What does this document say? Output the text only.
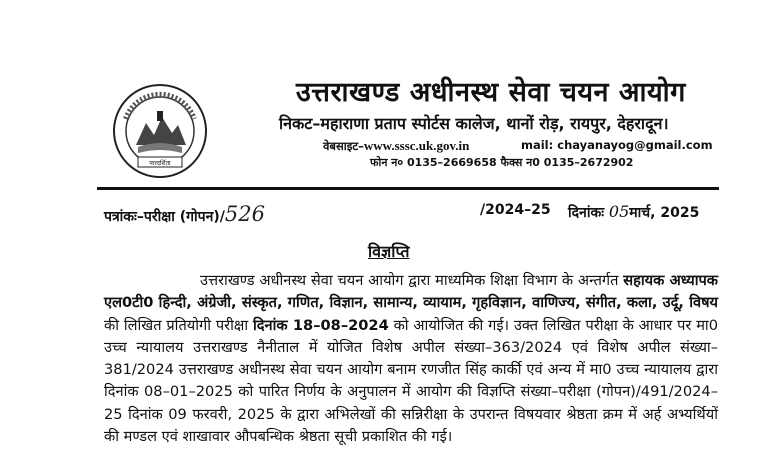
पारदर्शिता
उत्तराखण्ड अधीनस्थ सेवा चयन आयोग
निकट–महाराणा प्रताप स्पोर्टस कालेज, थानों रोड़, रायपुर, देहरादून।
वेबसाइट–www.sssc.uk.gov.in	mail: chayanayog@gmail.com
फोन न० 0135–2669658 फैक्स न0 0135–2672902
पत्रांकः–परीक्षा (गोपन)/526	/2024–25 दिनांकः 05मार्च, 2025
विज्ञप्ति
उत्तराखण्ड अधीनस्थ सेवा चयन आयोग द्वारा माध्यमिक शिक्षा विभाग के अन्तर्गत सहायक अध्यापक एल0टी0 हिन्दी, अंग्रेजी, संस्कृत, गणित, विज्ञान, सामान्य, व्यायाम, गृहविज्ञान, वाणिज्य, संगीत, कला, उर्दू, विषय की लिखित प्रतियोगी परीक्षा दिनांक 18–08–2024 को आयोजित की गई। उक्त लिखित परीक्षा के आधार पर मा0 उच्च न्यायालय उत्तराखण्ड नैनीताल में योजित विशेष अपील संख्या–363/2024 एवं विशेष अपील संख्या–381/2024 उत्तराखण्ड अधीनस्थ सेवा चयन आयोग बनाम रणजीत सिंह कार्की एवं अन्य में मा0 उच्च न्यायालय द्वारा दिनांक 08–01–2025 को पारित निर्णय के अनुपालन में आयोग की विज्ञप्ति संख्या–परीक्षा (गोपन)/491/2024–25 दिनांक 09 फरवरी, 2025 के द्वारा अभिलेखों की सन्निरीक्षा के उपरान्त विषयवार श्रेष्ठता क्रम में अर्ह अभ्यर्थियों की मण्डल एवं शाखावार औपबन्धिक श्रेष्ठता सूची प्रकाशित की गई।
